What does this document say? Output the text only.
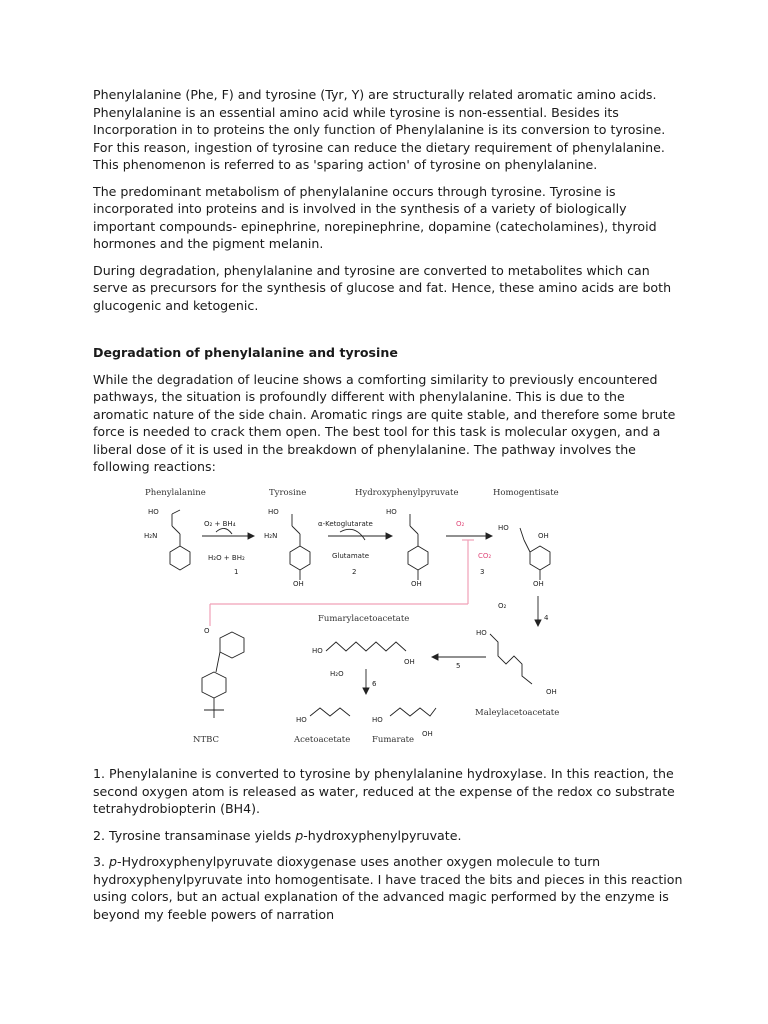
Phenylalanine (Phe, F) and tyrosine (Tyr, Y) are structurally related aromatic amino acids. Phenylalanine is an essential amino acid while tyrosine is non-essential. Besides its Incorporation in to proteins the only function of Phenylalanine is its conversion to tyrosine. For this reason, ingestion of tyrosine can reduce the dietary requirement of phenylalanine. This phenomenon is referred to as 'sparing action' of tyrosine on phenylalanine.

The predominant metabolism of phenylalanine occurs through tyrosine. Tyrosine is incorporated into proteins and is involved in the synthesis of a variety of biologically important compounds- epinephrine, norepinephrine, dopamine (catecholamines), thyroid hormones and the pigment melanin.

During degradation, phenylalanine and tyrosine are converted to metabolites which can serve as precursors for the synthesis of glucose and fat. Hence, these amino acids are both glucogenic and ketogenic.

Degradation of phenylalanine and tyrosine

While the degradation of leucine shows a comforting similarity to previously encountered pathways, the situation is profoundly different with phenylalanine. This is due to the aromatic nature of the side chain. Aromatic rings are quite stable, and therefore some brute force is needed to crack them open. The best tool for this task is molecular oxygen, and a liberal dose of it is used in the breakdown of phenylalanine. The pathway involves the following reactions:

Phenylalanine	Tyrosine	Hydroxyphenylpyruvate	Homogentisate
Fumarylacetoacetate
Maleylacetoacetate
NTBC	Acetoacetate	Fumarate
O₂ + BH₄
H₂O + BH₂
α-Ketoglutarate
Glutamate
O₂
CO₂
O₂
H₂O
1	2	3
4
5
6
HO
H₂N
HO
H₂N
OH
HO
OH
HO
OH
OH
HO
OH
HO
OH
HO	HO
OH
O

1. Phenylalanine is converted to tyrosine by phenylalanine hydroxylase. In this reaction, the second oxygen atom is released as water, reduced at the expense of the redox co substrate tetrahydrobiopterin (BH4).

2. Tyrosine transaminase yields p-hydroxyphenylpyruvate.

3. p-Hydroxyphenylpyruvate dioxygenase uses another oxygen molecule to turn hydroxyphenylpyruvate into homogentisate. I have traced the bits and pieces in this reaction using colors, but an actual explanation of the advanced magic performed by the enzyme is beyond my feeble powers of narration
